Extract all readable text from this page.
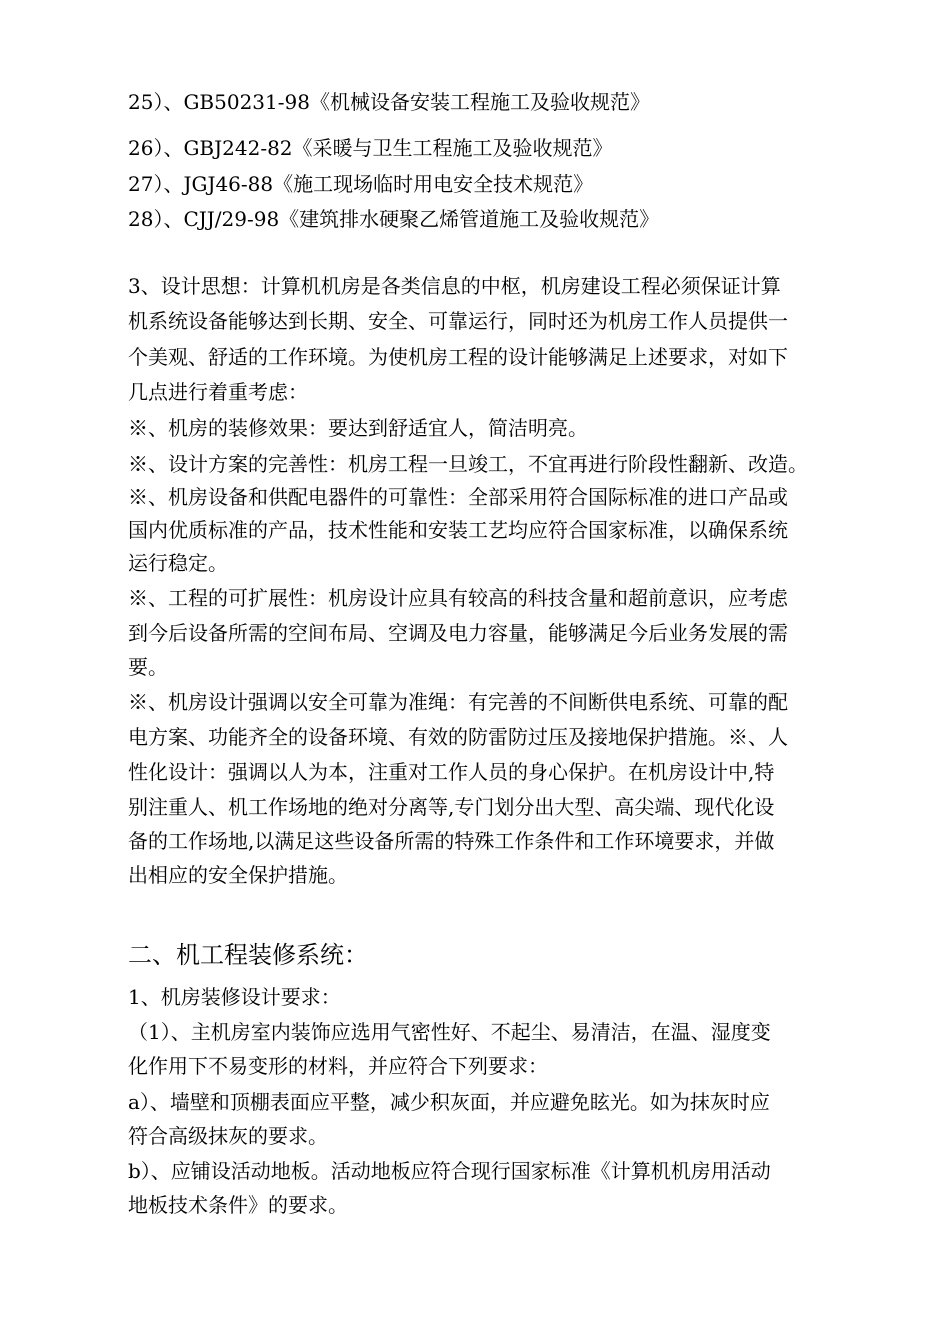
25）、GB50231-98《机械设备安装工程施工及验收规范》

26）、GBJ242-82《采暖与卫生工程施工及验收规范》

27）、JGJ46-88《施工现场临时用电安全技术规范》

28）、CJJ/29-98《建筑排水硬聚乙烯管道施工及验收规范》

3、设计思想：计算机机房是各类信息的中枢，机房建设工程必须保证计算

机系统设备能够达到长期、安全、可靠运行，同时还为机房工作人员提供一

个美观、舒适的工作环境。为使机房工程的设计能够满足上述要求，对如下

几点进行着重考虑：

※、机房的装修效果：要达到舒适宜人，简洁明亮。

※、设计方案的完善性：机房工程一旦竣工，不宜再进行阶段性翻新、改造。

※、机房设备和供配电器件的可靠性：全部采用符合国际标准的进口产品或

国内优质标准的产品，技术性能和安装工艺均应符合国家标准，以确保系统

运行稳定。

※、工程的可扩展性：机房设计应具有较高的科技含量和超前意识，应考虑

到今后设备所需的空间布局、空调及电力容量，能够满足今后业务发展的需

要。

※、机房设计强调以安全可靠为准绳：有完善的不间断供电系统、可靠的配

电方案、功能齐全的设备环境、有效的防雷防过压及接地保护措施。※、人

性化设计：强调以人为本，注重对工作人员的身心保护。在机房设计中,特

别注重人、机工作场地的绝对分离等,专门划分出大型、高尖端、现代化设

备的工作场地,以满足这些设备所需的特殊工作条件和工作环境要求，并做

出相应的安全保护措施。

二、机工程装修系统：

1、机房装修设计要求：

（1）、主机房室内装饰应选用气密性好、不起尘、易清洁，在温、湿度变

化作用下不易变形的材料，并应符合下列要求：

a）、墙壁和顶棚表面应平整，减少积灰面，并应避免眩光。如为抹灰时应

符合高级抹灰的要求。

b）、应铺设活动地板。活动地板应符合现行国家标准《计算机机房用活动

地板技术条件》的要求。
